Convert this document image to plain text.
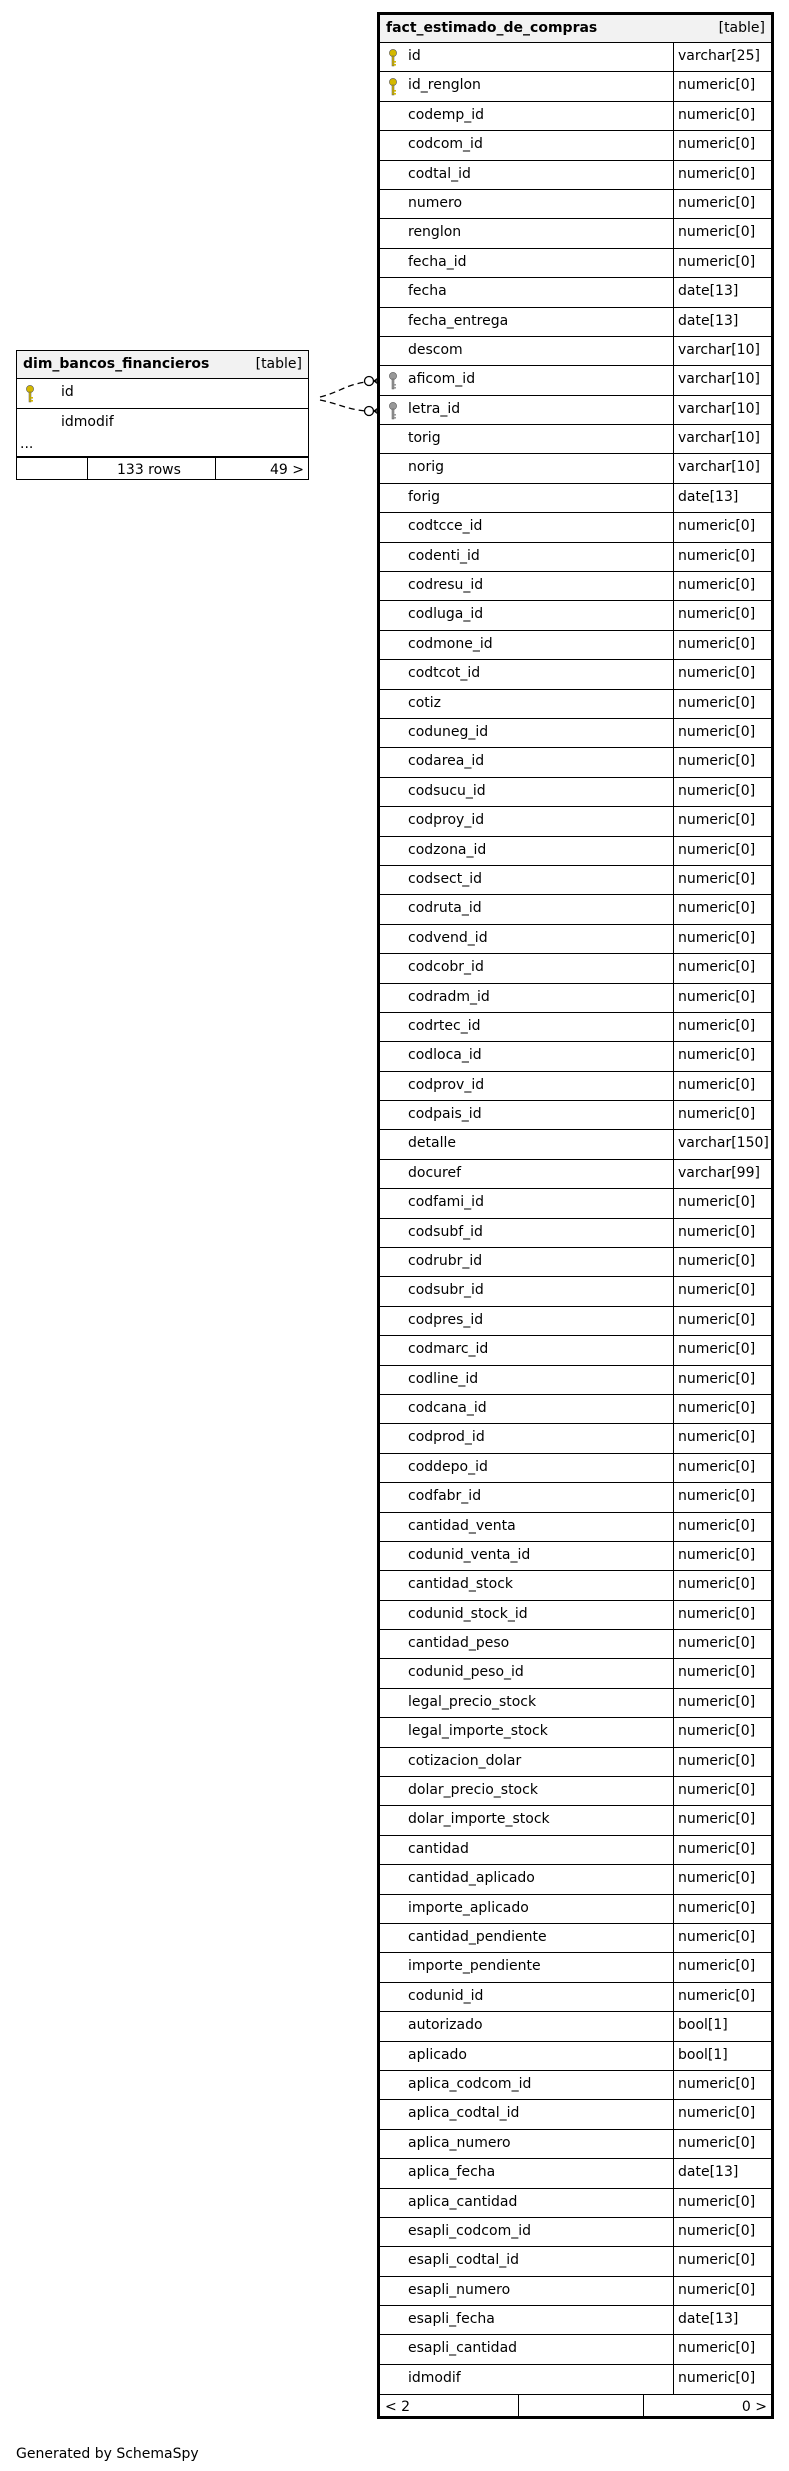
dim_bancos_financieros	[table]
id
idmodif
...
133 rows	49 >
fact_estimado_de_compras	[table]
id	varchar[25]
id_renglon	numeric[0]
codemp_id	numeric[0]
codcom_id	numeric[0]
codtal_id	numeric[0]
numero	numeric[0]
renglon	numeric[0]
fecha_id	numeric[0]
fecha	date[13]
fecha_entrega	date[13]
descom	varchar[10]
aficom_id	varchar[10]
letra_id	varchar[10]
torig	varchar[10]
norig	varchar[10]
forig	date[13]
codtcce_id	numeric[0]
codenti_id	numeric[0]
codresu_id	numeric[0]
codluga_id	numeric[0]
codmone_id	numeric[0]
codtcot_id	numeric[0]
cotiz	numeric[0]
coduneg_id	numeric[0]
codarea_id	numeric[0]
codsucu_id	numeric[0]
codproy_id	numeric[0]
codzona_id	numeric[0]
codsect_id	numeric[0]
codruta_id	numeric[0]
codvend_id	numeric[0]
codcobr_id	numeric[0]
codradm_id	numeric[0]
codrtec_id	numeric[0]
codloca_id	numeric[0]
codprov_id	numeric[0]
codpais_id	numeric[0]
detalle	varchar[150]
docuref	varchar[99]
codfami_id	numeric[0]
codsubf_id	numeric[0]
codrubr_id	numeric[0]
codsubr_id	numeric[0]
codpres_id	numeric[0]
codmarc_id	numeric[0]
codline_id	numeric[0]
codcana_id	numeric[0]
codprod_id	numeric[0]
coddepo_id	numeric[0]
codfabr_id	numeric[0]
cantidad_venta	numeric[0]
codunid_venta_id	numeric[0]
cantidad_stock	numeric[0]
codunid_stock_id	numeric[0]
cantidad_peso	numeric[0]
codunid_peso_id	numeric[0]
legal_precio_stock	numeric[0]
legal_importe_stock	numeric[0]
cotizacion_dolar	numeric[0]
dolar_precio_stock	numeric[0]
dolar_importe_stock	numeric[0]
cantidad	numeric[0]
cantidad_aplicado	numeric[0]
importe_aplicado	numeric[0]
cantidad_pendiente	numeric[0]
importe_pendiente	numeric[0]
codunid_id	numeric[0]
autorizado	bool[1]
aplicado	bool[1]
aplica_codcom_id	numeric[0]
aplica_codtal_id	numeric[0]
aplica_numero	numeric[0]
aplica_fecha	date[13]
aplica_cantidad	numeric[0]
esapli_codcom_id	numeric[0]
esapli_codtal_id	numeric[0]
esapli_numero	numeric[0]
esapli_fecha	date[13]
esapli_cantidad	numeric[0]
idmodif	numeric[0]
< 2	0 >
Generated by SchemaSpy
